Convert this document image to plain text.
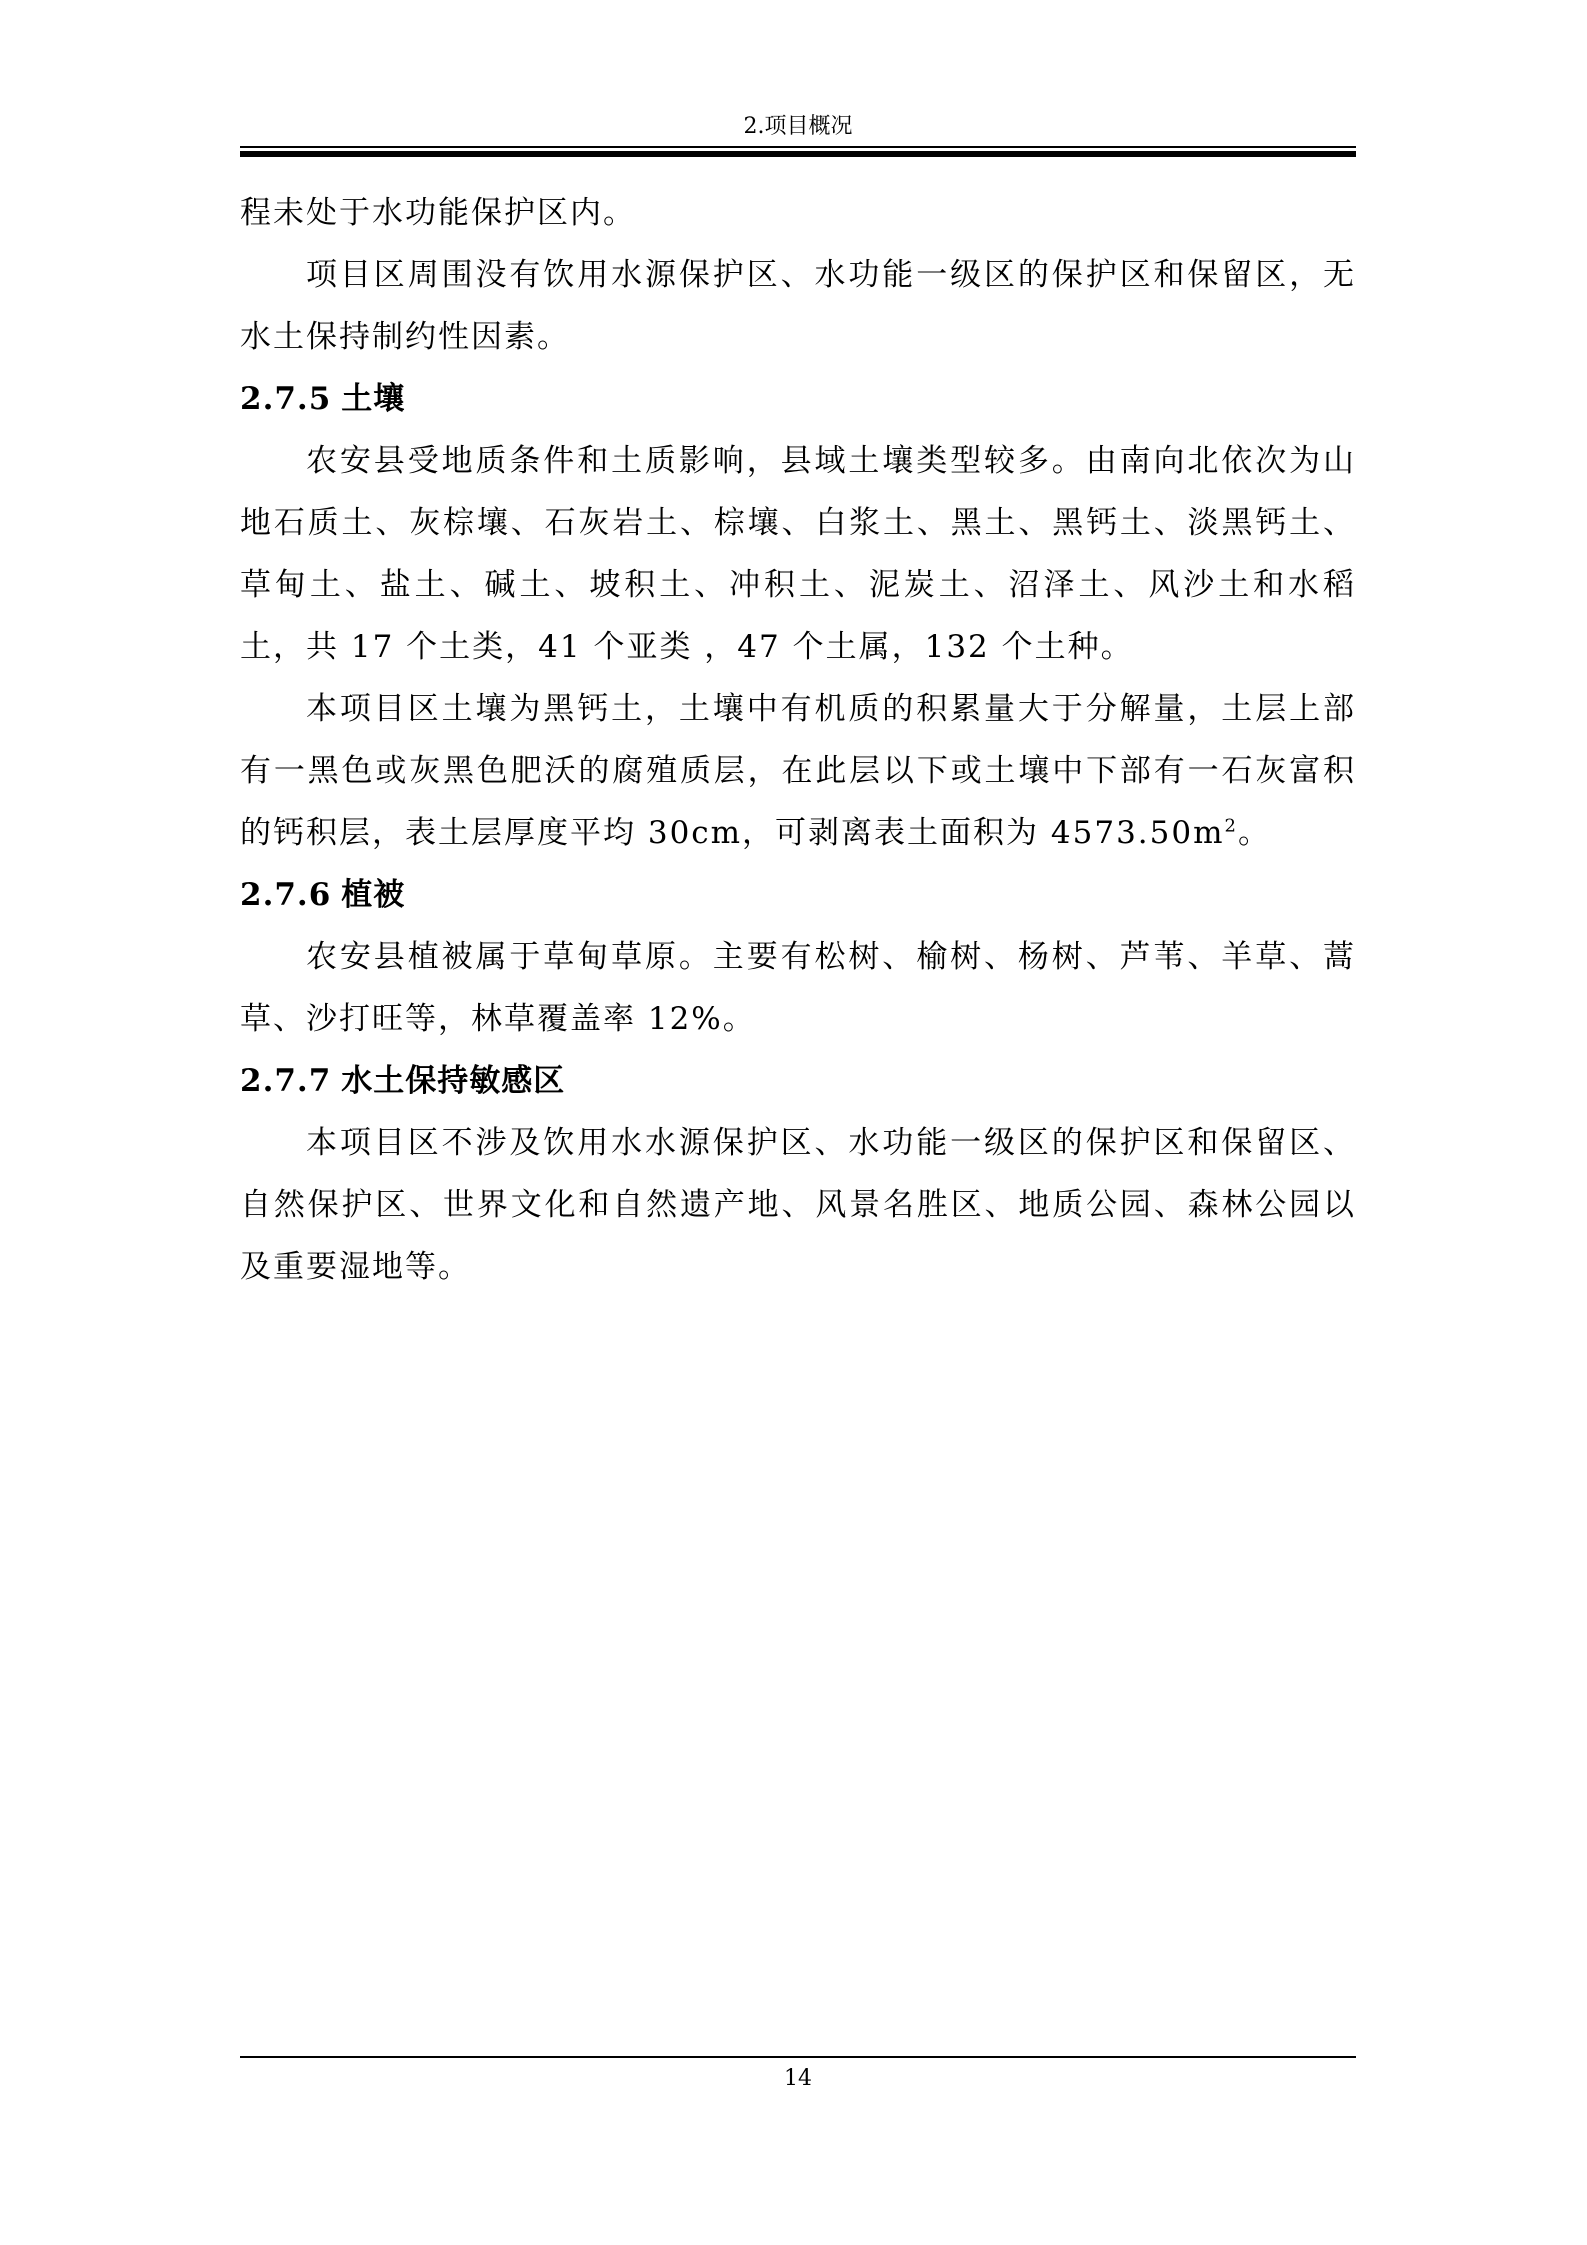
2.项目概况

程未处于水功能保护区内。

项目区周围没有饮用水源保护区、水功能一级区的保护区和保留区，无水土保持制约性因素。

2.7.5 土壤

农安县受地质条件和土质影响，县域土壤类型较多。由南向北依次为山地石质土、灰棕壤、石灰岩土、棕壤、白浆土、黑土、黑钙土、淡黑钙土、草甸土、盐土、碱土、坡积土、冲积土、泥炭土、沼泽土、风沙土和水稻土，共 17 个土类，41 个亚类 ，47 个土属，132 个土种。

本项目区土壤为黑钙土，土壤中有机质的积累量大于分解量，土层上部有一黑色或灰黑色肥沃的腐殖质层，在此层以下或土壤中下部有一石灰富积的钙积层，表土层厚度平均 30cm，可剥离表土面积为 $4573.50m^2$。

2.7.6 植被

农安县植被属于草甸草原。主要有松树、榆树、杨树、芦苇、羊草、蒿草、沙打旺等，林草覆盖率 12%。

2.7.7 水土保持敏感区

本项目区不涉及饮用水水源保护区、水功能一级区的保护区和保留区、自然保护区、世界文化和自然遗产地、风景名胜区、地质公园、森林公园以及重要湿地等。

14
